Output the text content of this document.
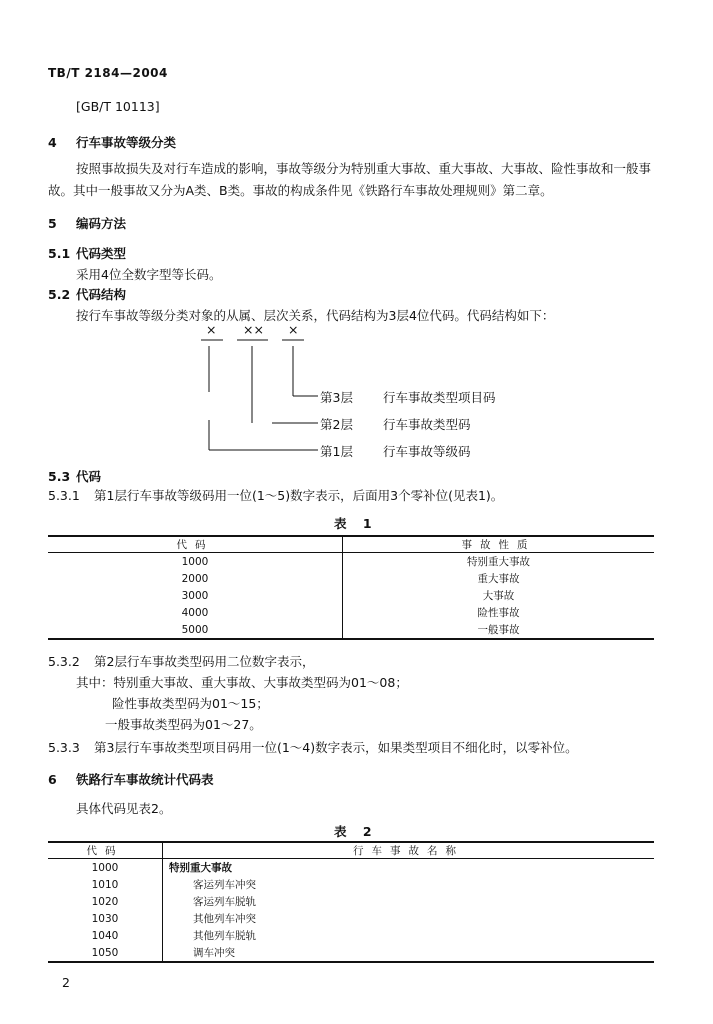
TB/T 2184—2004
[GB/T 10113]
4 行车事故等级分类
按照事故损失及对行车造成的影响，事故等级分为特别重大事故、重大事故、大事故、险性事故和一般事故。其中一般事故又分为A类、B类。事故的构成条件见《铁路行车事故处理规则》第二章。
5 编码方法
5.1 代码类型
采用4位全数字型等长码。
5.2 代码结构
按行车事故等级分类对象的从属、层次关系，代码结构为3层4位代码。代码结构如下：
× ×× ×
第3层 行车事故类型项目码
第2层 行车事故类型码
第1层 行车事故等级码
5.3 代码
5.3.1 第1层行车事故等级码用一位(1～5)数字表示，后面用3个零补位(见表1)。
表 1
代码	事故性质
1000	特别重大事故
2000	重大事故
3000	大事故
4000	险性事故
5000	一般事故
5.3.2 第2层行车事故类型码用二位数字表示，
其中：特别重大事故、重大事故、大事故类型码为01～08；
险性事故类型码为01～15；
一般事故类型码为01～27。
5.3.3 第3层行车事故类型项目码用一位(1～4)数字表示，如果类型项目不细化时，以零补位。
6 铁路行车事故统计代码表
具体代码见表2。
表 2
代码	行车事故名称
1000	特别重大事故
1010	客运列车冲突
1020	客运列车脱轨
1030	其他列车冲突
1040	其他列车脱轨
1050	调车冲突
2
